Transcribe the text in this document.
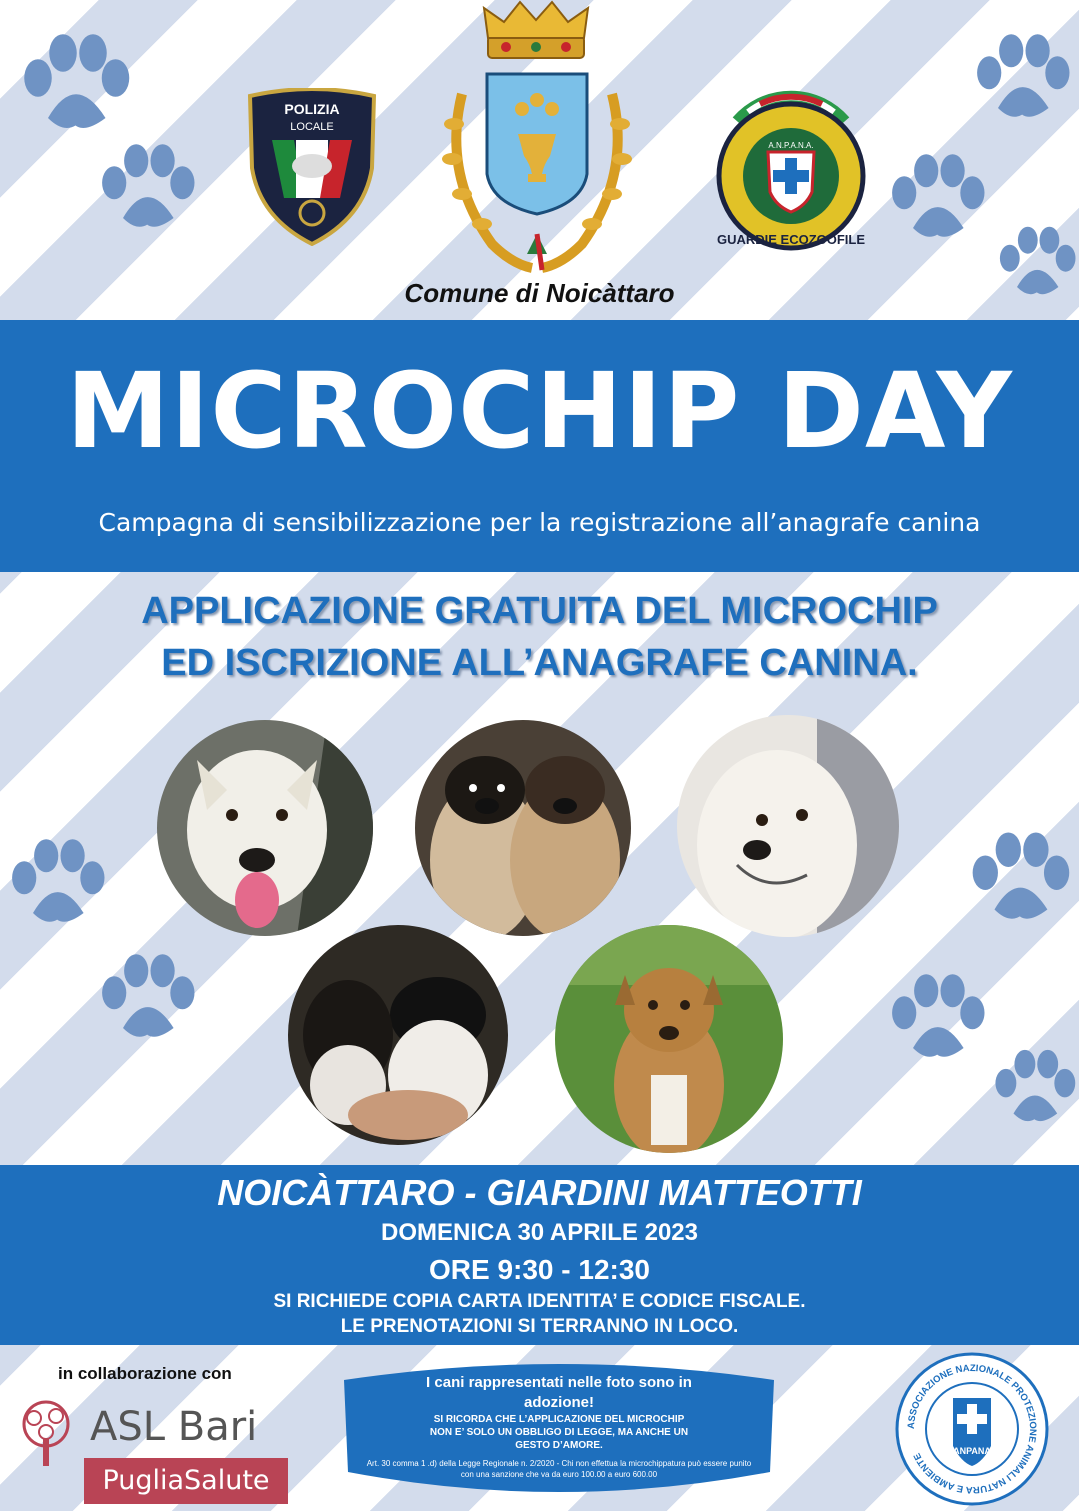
POLIZIA
LOCALE
A.N.P.A.N.A.
GUARDIE ECOZOOFILE
Comune di Noicàttaro
MICROCHIP DAY
Campagna di sensibilizzazione per la registrazione all’anagrafe canina
APPLICAZIONE GRATUITA DEL MICROCHIP
ED ISCRIZIONE ALL’ANAGRAFE CANINA.
NOICÀTTARO - GIARDINI MATTEOTTI
DOMENICA 30 APRILE 2023
ORE 9:30 - 12:30
SI RICHIEDE COPIA CARTA IDENTITA’ E CODICE FISCALE.
LE PRENOTAZIONI SI TERRANNO IN LOCO.
in collaborazione con
ASL Bari
PugliaSalute
I cani rappresentati nelle foto sono in
adozione!
SI RICORDA CHE L’APPLICAZIONE DEL MICROCHIP NON E’ SOLO UN OBBLIGO DI LEGGE, MA ANCHE UN GESTO D’AMORE.
Art. 30 comma 1 .d) della Legge Regionale n. 2/2020 - Chi non effettua la microchippatura può essere punito con una sanzione che va da euro 100.00 a euro 600.00
ASSOCIAZIONE NAZIONALE PROTEZIONE ANIMALI NATURA E AMBIENTE
ANPANA
